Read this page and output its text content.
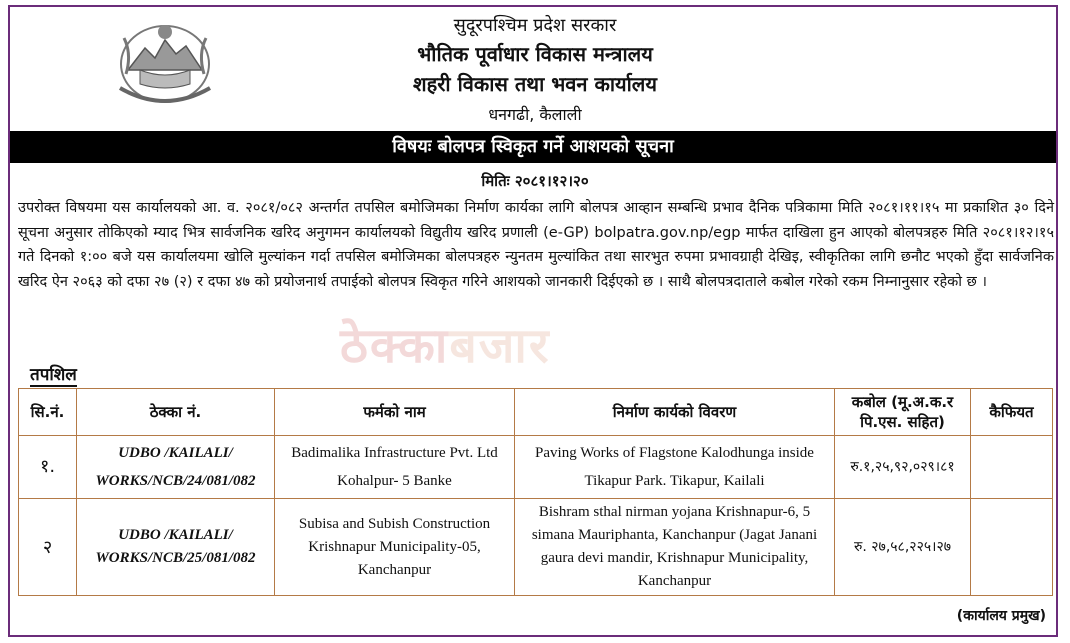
सुदूरपश्चिम प्रदेश सरकार
भौतिक पूर्वाधार विकास मन्त्रालय
शहरी विकास तथा भवन कार्यालय
धनगढी, कैलाली
विषयः बोलपत्र स्विकृत गर्ने आशयको सूचना
मितिः २०८१।१२।२०
उपरोक्त विषयमा यस कार्यालयको आ. व. २०८१/०८२ अन्तर्गत तपसिल बमोजिमका निर्माण कार्यका लागि बोलपत्र आव्हान सम्बन्धि प्रभाव दैनिक पत्रिकामा मिति २०८१।११।१५ मा प्रकाशित ३० दिने सूचना अनुसार तोकिएको म्याद भित्र सार्वजनिक खरिद अनुगमन कार्यालयको विद्युतीय खरिद प्रणाली (e-GP) bolpatra.gov.np/egp मार्फत दाखिला हुन आएको बोलपत्रहरु मिति २०८१।१२।१५ गते दिनको १:०० बजे यस कार्यालयमा खोलि मुल्यांकन गर्दा तपसिल बमोजिमका बोलपत्रहरु न्युनतम मुल्यांकित तथा सारभुत रुपमा प्रभावग्राही देखिइ, स्वीकृतिका लागि छनौट भएको हुँदा सार्वजनिक खरिद ऐन २०६३ को दफा २७ (२) र दफा ४७ को प्रयोजनार्थ तपाईको बोलपत्र स्विकृत गरिने आशयको जानकारी दिईएको छ । साथै बोलपत्रदाताले कबोल गरेको रकम निम्नानुसार रहेको छ ।
ठेक्काबजार
तपशिल
सि.नं.	ठेक्का नं.	फर्मको नाम	निर्माण कार्यको विवरण	कबोल (मू.अ.क.र पि.एस. सहित)	कैफियत
१.	UDBO /KAILALI/ WORKS/NCB/24/081/082	Badimalika Infrastructure Pvt. Ltd Kohalpur- 5 Banke	Paving Works of Flagstone Kalodhunga inside Tikapur Park. Tikapur, Kailali	रु.१,२५,९२,०२९।८१	
२	UDBO /KAILALI/ WORKS/NCB/25/081/082	Subisa and Subish Construction Krishnapur Municipality-05, Kanchanpur	Bishram sthal nirman yojana Krishnapur-6, 5 simana Mauriphanta, Kanchanpur (Jagat Janani gaura devi mandir, Krishnapur Municipality, Kanchanpur	रु. २७,५८,२२५।२७	
(कार्यालय प्रमुख)
